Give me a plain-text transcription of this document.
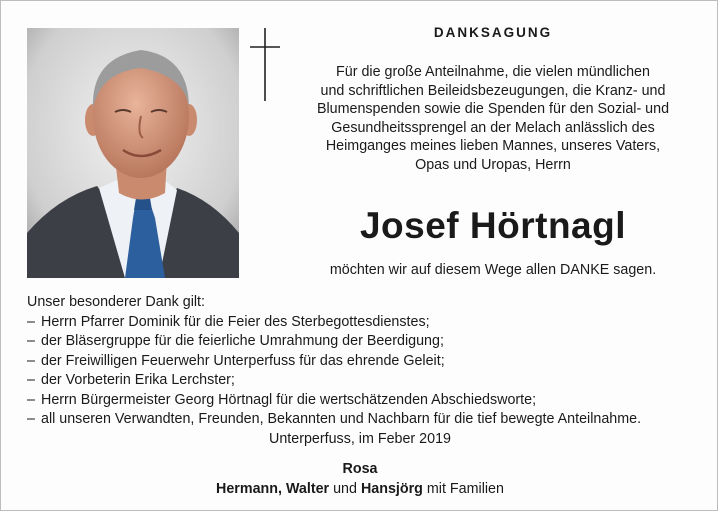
DANKSAGUNG
Für die große Anteilnahme, die vielen mündlichen
und schriftlichen Beileidsbezeugungen, die Kranz- und
Blumenspenden sowie die Spenden für den Sozial- und
Gesundheitssprengel an der Melach anlässlich des
Heimganges meines lieben Mannes, unseres Vaters,
Opas und Uropas, Herrn
Josef Hörtnagl
möchten wir auf diesem Wege allen DANKE sagen.
Unser besonderer Dank gilt:
– Herrn Pfarrer Dominik für die Feier des Sterbegottesdienstes;
– der Bläsergruppe für die feierliche Umrahmung der Beerdigung;
– der Freiwilligen Feuerwehr Unterperfuss für das ehrende Geleit;
– der Vorbeterin Erika Lerchster;
– Herrn Bürgermeister Georg Hörtnagl für die wertschätzenden Abschiedsworte;
– all unseren Verwandten, Freunden, Bekannten und Nachbarn für die tief bewegte Anteilnahme.
Unterperfuss, im Feber 2019
Rosa
Hermann, Walter und Hansjörg mit Familien
